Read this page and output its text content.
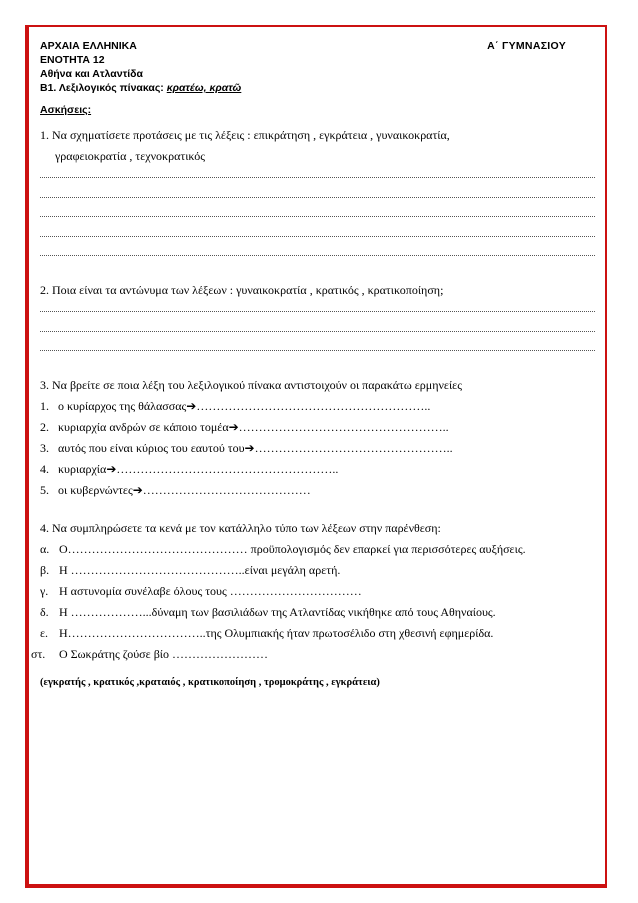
ΑΡΧΑΙΑ ΕΛΛΗΝΙΚΑ	Α΄ ΓΥΜΝΑΣΙΟΥ
ΕΝΟΤΗΤΑ 12
Αθήνα και Ατλαντίδα
Β1. Λεξιλογικός πίνακας: κρατέω, κρατῶ
Ασκήσεις:
1. Να σχηματίσετε προτάσεις με τις λέξεις : επικράτηση , εγκράτεια , γυναικοκρατία,
γραφειοκρατία , τεχνοκρατικός
2. Ποια είναι τα αντώνυμα των λέξεων : γυναικοκρατία , κρατικός , κρατικοποίηση;
3. Να βρείτε σε ποια λέξη του λεξιλογικού πίνακα αντιστοιχούν οι παρακάτω ερμηνείες
1. ο κυρίαρχος της θάλασσας➔…………………………………………………..
2. κυριαρχία ανδρών σε κάποιο τομέα➔……………………………………………..
3. αυτός που είναι κύριος του εαυτού του➔…………………………………………..
4. κυριαρχία➔………………………………………………..
5. οι κυβερνώντες➔……………………………………
4. Να συμπληρώσετε τα κενά με τον κατάλληλο τύπο των λέξεων στην παρένθεση:
α. Ο……………………………………… προϋπολογισμός δεν επαρκεί για περισσότερες αυξήσεις.
β. Η ……………………………………..είναι μεγάλη αρετή.
γ. Η αστυνομία συνέλαβε όλους τους ……………………………
δ. Η ………………...δύναμη των βασιλιάδων της Ατλαντίδας νικήθηκε από τους Αθηναίους.
ε. Η……………………………..της Ολυμπιακής ήταν πρωτοσέλιδο στη χθεσινή εφημερίδα.
στ. Ο Σωκράτης ζούσε βίο ……………………
(εγκρατής , κρατικός ,κραταιός , κρατικοποίηση , τρομοκράτης , εγκράτεια)
